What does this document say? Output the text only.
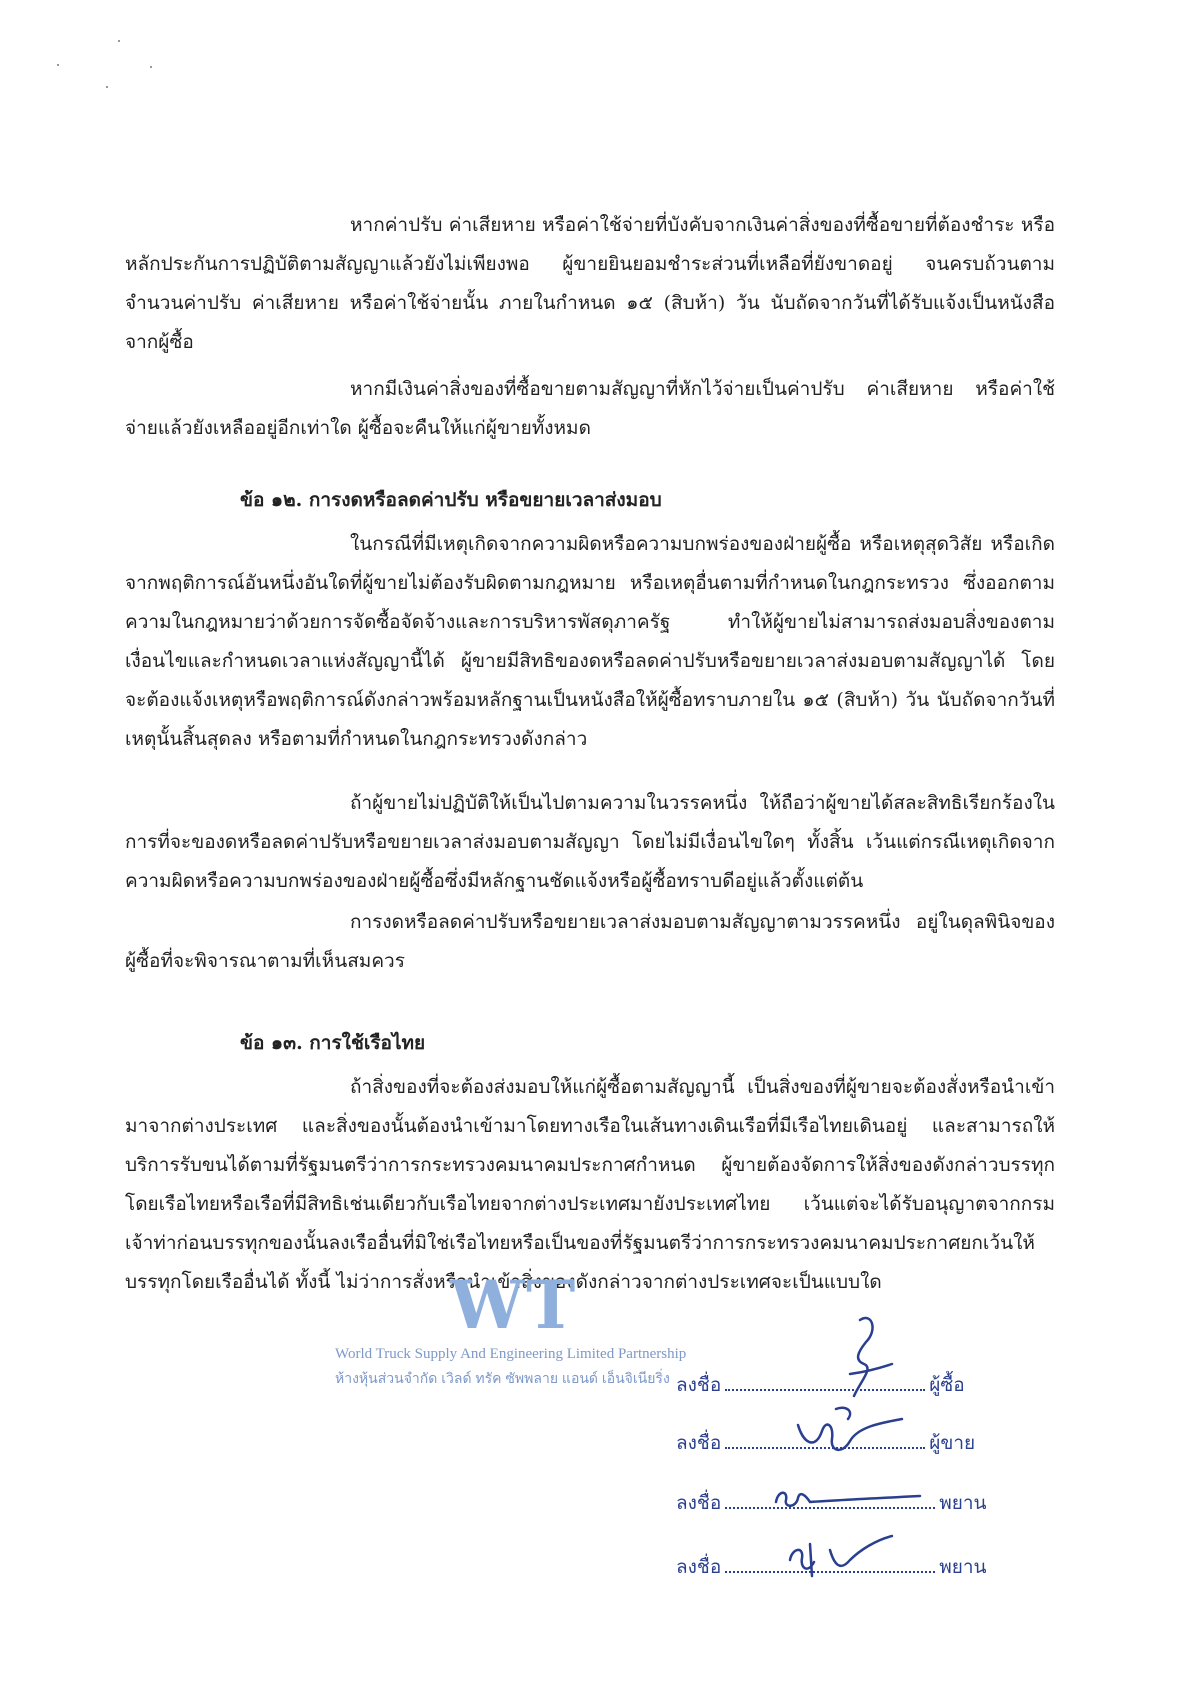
หากค่าปรับ ค่าเสียหาย หรือค่าใช้จ่ายที่บังคับจากเงินค่าสิ่งของที่ซื้อขายที่ต้องชำระ หรือหลักประกันการปฏิบัติตามสัญญาแล้วยังไม่เพียงพอ ผู้ขายยินยอมชำระส่วนที่เหลือที่ยังขาดอยู่ จนครบถ้วนตามจำนวนค่าปรับ ค่าเสียหาย หรือค่าใช้จ่ายนั้น ภายในกำหนด ๑๕ (สิบห้า) วัน นับถัดจากวันที่ได้รับแจ้งเป็นหนังสือจากผู้ซื้อ

หากมีเงินค่าสิ่งของที่ซื้อขายตามสัญญาที่หักไว้จ่ายเป็นค่าปรับ ค่าเสียหาย หรือค่าใช้จ่ายแล้วยังเหลืออยู่อีกเท่าใด ผู้ซื้อจะคืนให้แก่ผู้ขายทั้งหมด

ข้อ ๑๒. การงดหรือลดค่าปรับ หรือขยายเวลาส่งมอบ

ในกรณีที่มีเหตุเกิดจากความผิดหรือความบกพร่องของฝ่ายผู้ซื้อ หรือเหตุสุดวิสัย หรือเกิดจากพฤติการณ์อันหนึ่งอันใดที่ผู้ขายไม่ต้องรับผิดตามกฎหมาย หรือเหตุอื่นตามที่กำหนดในกฎกระทรวง ซึ่งออกตามความในกฎหมายว่าด้วยการจัดซื้อจัดจ้างและการบริหารพัสดุภาครัฐ ทำให้ผู้ขายไม่สามารถส่งมอบสิ่งของตามเงื่อนไขและกำหนดเวลาแห่งสัญญานี้ได้ ผู้ขายมีสิทธิของดหรือลดค่าปรับหรือขยายเวลาส่งมอบตามสัญญาได้ โดยจะต้องแจ้งเหตุหรือพฤติการณ์ดังกล่าวพร้อมหลักฐานเป็นหนังสือให้ผู้ซื้อทราบภายใน ๑๕ (สิบห้า) วัน นับถัดจากวันที่เหตุนั้นสิ้นสุดลง หรือตามที่กำหนดในกฎกระทรวงดังกล่าว

ถ้าผู้ขายไม่ปฏิบัติให้เป็นไปตามความในวรรคหนึ่ง ให้ถือว่าผู้ขายได้สละสิทธิเรียกร้องในการที่จะของดหรือลดค่าปรับหรือขยายเวลาส่งมอบตามสัญญา โดยไม่มีเงื่อนไขใดๆ ทั้งสิ้น เว้นแต่กรณีเหตุเกิดจากความผิดหรือความบกพร่องของฝ่ายผู้ซื้อซึ่งมีหลักฐานชัดแจ้งหรือผู้ซื้อทราบดีอยู่แล้วตั้งแต่ต้น

การงดหรือลดค่าปรับหรือขยายเวลาส่งมอบตามสัญญาตามวรรคหนึ่ง อยู่ในดุลพินิจของผู้ซื้อที่จะพิจารณาตามที่เห็นสมควร

ข้อ ๑๓. การใช้เรือไทย

ถ้าสิ่งของที่จะต้องส่งมอบให้แก่ผู้ซื้อตามสัญญานี้ เป็นสิ่งของที่ผู้ขายจะต้องสั่งหรือนำเข้ามาจากต่างประเทศ และสิ่งของนั้นต้องนำเข้ามาโดยทางเรือในเส้นทางเดินเรือที่มีเรือไทยเดินอยู่ และสามารถให้บริการรับขนได้ตามที่รัฐมนตรีว่าการกระทรวงคมนาคมประกาศกำหนด ผู้ขายต้องจัดการให้สิ่งของดังกล่าวบรรทุกโดยเรือไทยหรือเรือที่มีสิทธิเช่นเดียวกับเรือไทยจากต่างประเทศมายังประเทศไทย เว้นแต่จะได้รับอนุญาตจากกรมเจ้าท่าก่อนบรรทุกของนั้นลงเรืออื่นที่มิใช่เรือไทยหรือเป็นของที่รัฐมนตรีว่าการกระทรวงคมนาคมประกาศยกเว้นให้บรรทุกโดยเรืออื่นได้ ทั้งนี้ ไม่ว่าการสั่งหรือนำเข้าสิ่งของดังกล่าวจากต่างประเทศจะเป็นแบบใด

WT
World Truck Supply And Engineering Limited Partnership
ห้างหุ้นส่วนจำกัด เวิลด์ ทรัค ซัพพลาย แอนด์ เอ็นจิเนียริ่ง ลงชื่อ	ผู้ซื้อ
ลงชื่อ	ผู้ขาย
ลงชื่อ	พยาน
ลงชื่อ	พยาน
